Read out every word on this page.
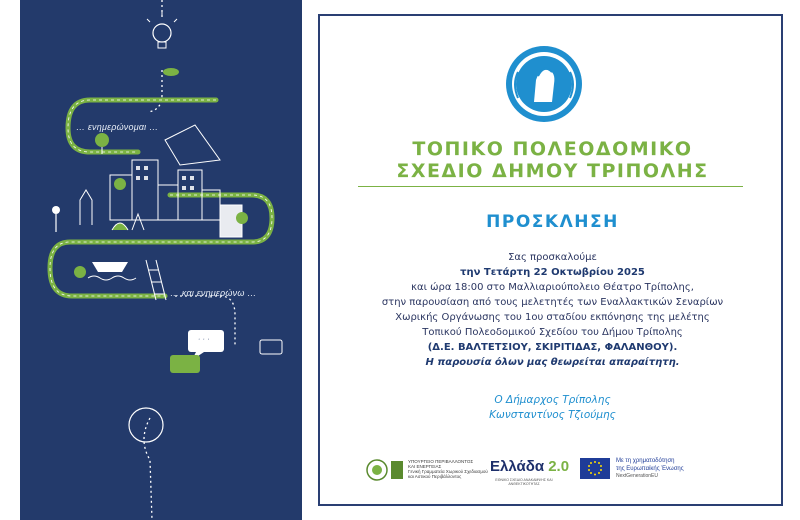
… ενημερώνομαι …
… και ενημερώνω …
· · ·
ΤΟΠΙΚΟ ΠΟΛΕΟΔΟΜΙΚΟ
ΣΧΕΔΙΟ ΔΗΜΟΥ ΤΡΙΠΟΛΗΣ
ΠΡΟΣΚΛΗΣΗ
Σας προσκαλούμε
την Τετάρτη 22 Οκτωβρίου 2025
και ώρα 18:00 στο Μαλλιαριούπολειο Θέατρο Τρίπολης,
στην παρουσίαση από τους μελετητές των Εναλλακτικών Σεναρίων
Χωρικής Οργάνωσης του 1ου σταδίου εκπόνησης της μελέτης
Τοπικού Πολεοδομικού Σχεδίου του Δήμου Τρίπολης
(Δ.Ε. ΒΑΛΤΕΤΣΙΟΥ, ΣΚΙΡΙΤΙΔΑΣ, ΦΑΛΑΝΘΟΥ).
Η παρουσία όλων μας θεωρείται απαραίτητη.
Ο Δήμαρχος Τρίπολης
Κωνσταντίνος Τζιούμης
ΥΠΟΥΡΓΕΙΟ ΠΕΡΙΒΑΛΛΟΝΤΟΣ
ΚΑΙ ΕΝΕΡΓΕΙΑΣ
Γενική Γραμματεία Χωρικού Σχεδιασμού
και Αστικού Περιβάλλοντος
Ελλάδα 2.0
ΕΘΝΙΚΟ ΣΧΕΔΙΟ ΑΝΑΚΑΜΨΗΣ ΚΑΙ ΑΝΘΕΚΤΙΚΟΤΗΤΑΣ
Με τη χρηματοδότηση
της Ευρωπαϊκής Ένωσης
NextGenerationEU
